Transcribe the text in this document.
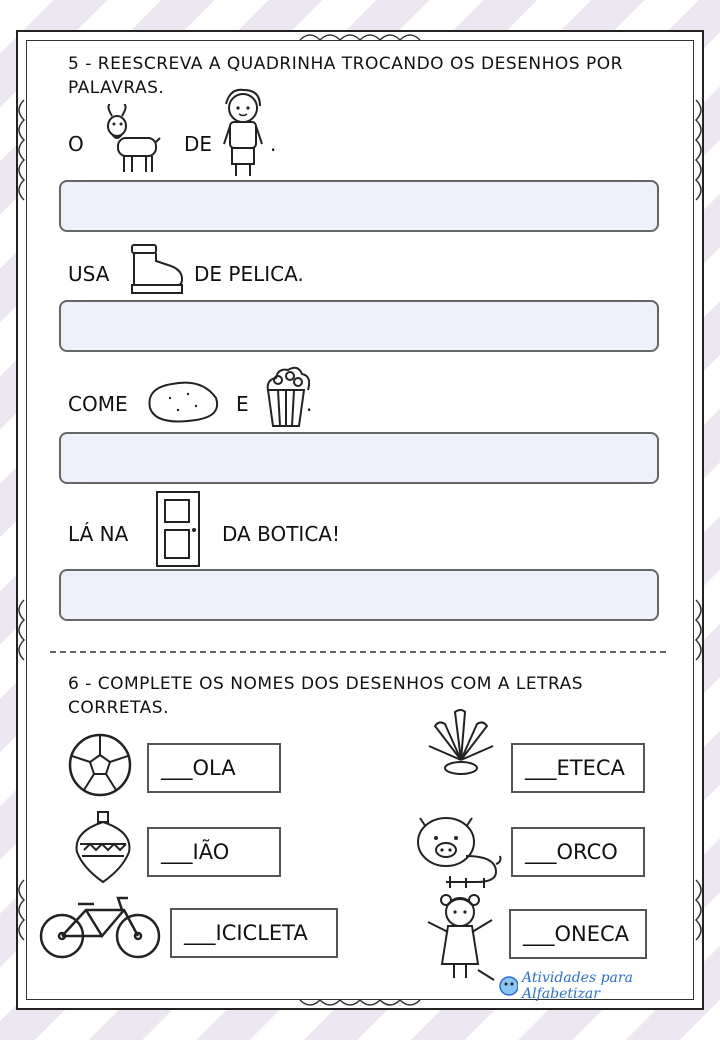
5 - REESCREVA A QUADRINHA TROCANDO OS DESENHOS POR
PALAVRAS.
O	DE	.
USA	DE PELICA.
COME	E	.
LÁ NA	DA BOTICA!
6 - COMPLETE OS NOMES DOS DESENHOS COM A LETRAS
CORRETAS.
___OLA	___ETECA
___IÃO	___ORCO
___ICICLETA	___ONECA
Atividades para Alfabetizar
